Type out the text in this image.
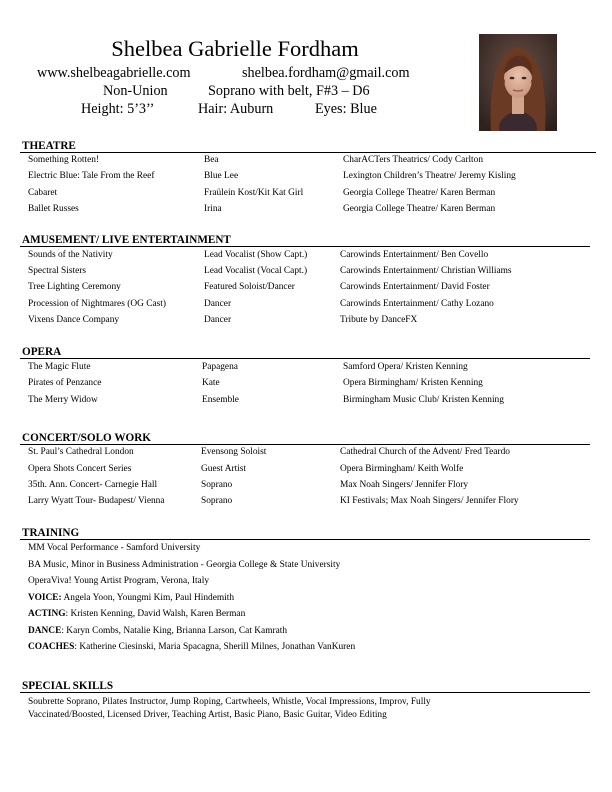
Shelbea Gabrielle Fordham
www.shelbeagabrielle.com	shelbea.fordham@gmail.com
Non-Union	Soprano with belt, F#3 – D6
Height: 5’3’’	Hair: Auburn	Eyes: Blue
THEATRE
Something Rotten!	Bea	CharACTers Theatrics/ Cody Carlton
Electric Blue: Tale From the Reef	Blue Lee	Lexington Children’s Theatre/ Jeremy Kisling
Cabaret	Fraülein Kost/Kit Kat Girl	Georgia College Theatre/ Karen Berman
Ballet Russes	Irina	Georgia College Theatre/ Karen Berman
AMUSEMENT/ LIVE ENTERTAINMENT
Sounds of the Nativity	Lead Vocalist (Show Capt.)	Carowinds Entertainment/ Ben Covello
Spectral Sisters	Lead Vocalist (Vocal Capt.)	Carowinds Entertainment/ Christian Williams
Tree Lighting Ceremony	Featured Soloist/Dancer	Carowinds Entertainment/ David Foster
Procession of Nightmares (OG Cast)	Dancer	Carowinds Entertainment/ Cathy Lozano
Vixens Dance Company	Dancer	Tribute by DanceFX
OPERA
The Magic Flute	Papagena	Samford Opera/ Kristen Kenning
Pirates of Penzance	Kate	Opera Birmingham/ Kristen Kenning
The Merry Widow	Ensemble	Birmingham Music Club/ Kristen Kenning
CONCERT/SOLO WORK
St. Paul’s Cathedral London	Evensong Soloist	Cathedral Church of the Advent/ Fred Teardo
Opera Shots Concert Series	Guest Artist	Opera Birmingham/ Keith Wolfe
35th. Ann. Concert- Carnegie Hall	Soprano	Max Noah Singers/ Jennifer Flory
Larry Wyatt Tour- Budapest/ Vienna	Soprano	KI Festivals; Max Noah Singers/ Jennifer Flory
TRAINING
MM Vocal Performance - Samford University
BA Music, Minor in Business Administration - Georgia College & State University
OperaViva! Young Artist Program, Verona, Italy
VOICE: Angela Yoon, Youngmi Kim, Paul Hindemith
ACTING: Kristen Kenning, David Walsh, Karen Berman
DANCE: Karyn Combs, Natalie King, Brianna Larson, Cat Kamrath
COACHES: Katherine Ciesinski, Maria Spacagna, Sherill Milnes, Jonathan VanKuren
SPECIAL SKILLS
Soubrette Soprano, Pilates Instructor, Jump Roping, Cartwheels, Whistle, Vocal Impressions, Improv, Fully
Vaccinated/Boosted, Licensed Driver, Teaching Artist, Basic Piano, Basic Guitar, Video Editing
